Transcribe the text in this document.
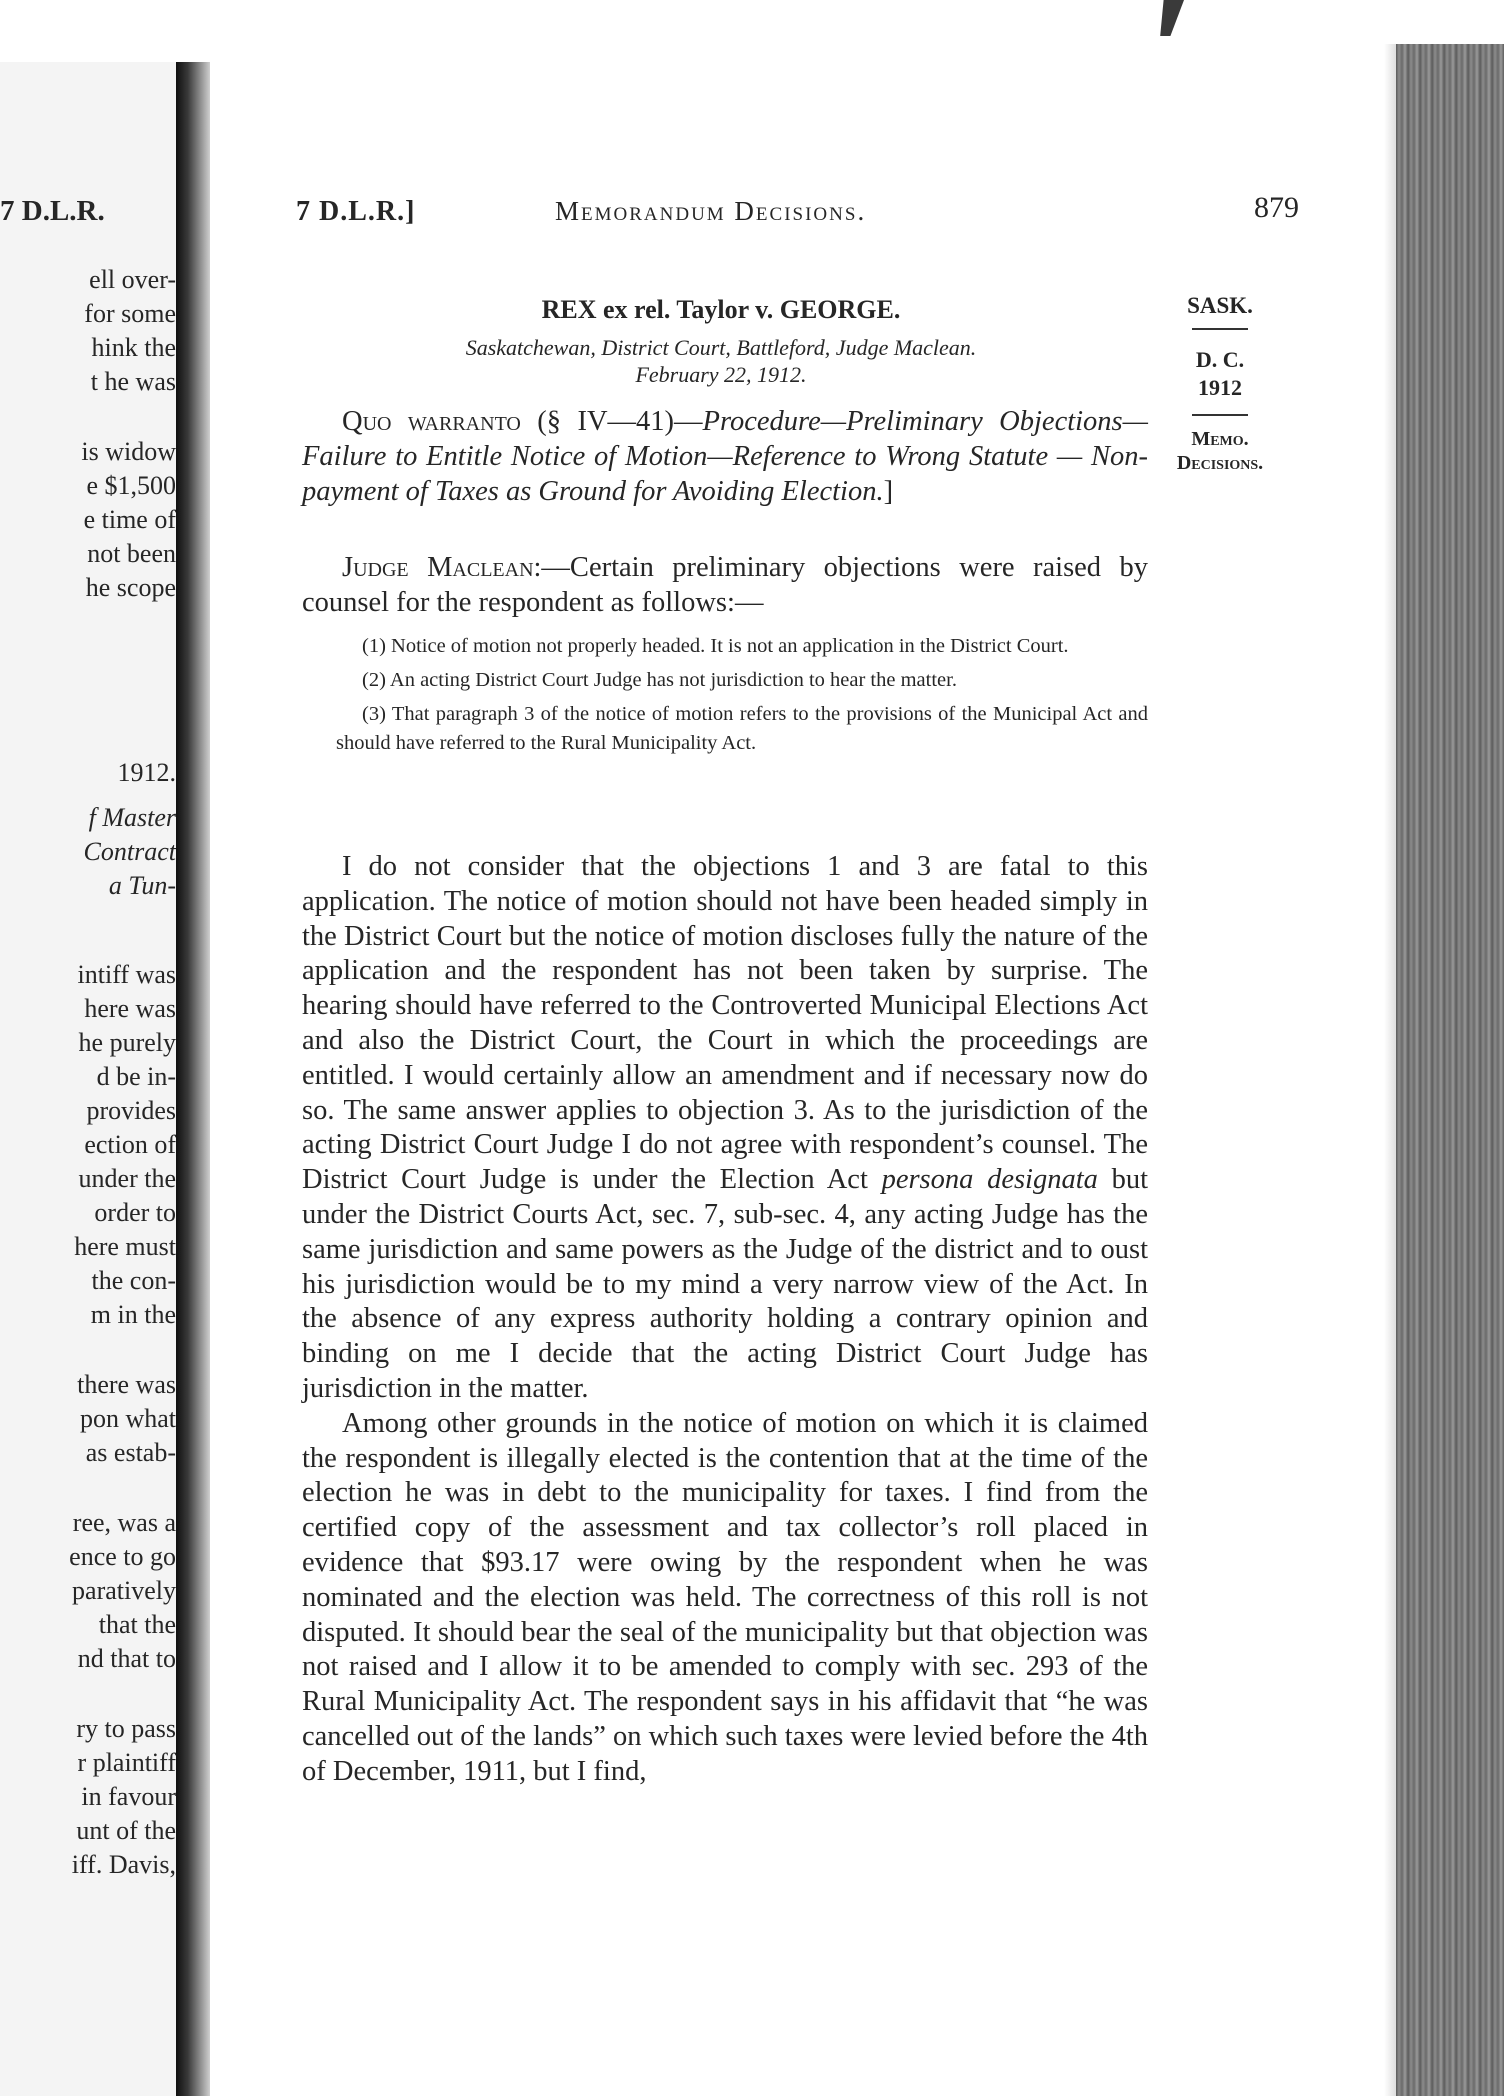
7 D.L.R.
ell over-
for some
hink the
t he was
is widow
e $1,500
e time of
not been
he scope
1912.
f Master
Contract
a Tun-
intiff was
here was
he purely
d be in-
provides
ection of
under the
order to
here must
the con-
m in the
there was
pon what
as estab-
ree, was a
ence to go
paratively
that the
nd that to
ry to pass
r plaintiff
in favour
unt of the
iff. Davis,
7 D.L.R.]	Memorandum Decisions.	879
REX ex rel. Taylor v. GEORGE.
Saskatchewan, District Court, Battleford, Judge Maclean.
February 22, 1912.
SASK.
D. C.
1912
Memo.
Decisions.

Quo warranto (§ IV—41)—Procedure—Preliminary Objections—Failure to Entitle Notice of Motion—Reference to Wrong Statute — Non-payment of Taxes as Ground for Avoiding Election.]

Judge Maclean:—Certain preliminary objections were raised by counsel for the respondent as follows:—

(1) Notice of motion not properly headed. It is not an application in the District Court.

(2) An acting District Court Judge has not jurisdiction to hear the matter.

(3) That paragraph 3 of the notice of motion refers to the provisions of the Municipal Act and should have referred to the Rural Municipality Act.

I do not consider that the objections 1 and 3 are fatal to this application. The notice of motion should not have been headed simply in the District Court but the notice of motion discloses fully the nature of the application and the respondent has not been taken by surprise. The hearing should have referred to the Controverted Municipal Elections Act and also the District Court, the Court in which the proceedings are entitled. I would certainly allow an amendment and if necessary now do so. The same answer applies to objection 3. As to the jurisdiction of the acting District Court Judge I do not agree with respondent’s counsel. The District Court Judge is under the Election Act persona designata but under the District Courts Act, sec. 7, sub-sec. 4, any acting Judge has the same jurisdiction and same powers as the Judge of the district and to oust his jurisdiction would be to my mind a very narrow view of the Act. In the absence of any express authority holding a contrary opinion and binding on me I decide that the acting District Court Judge has jurisdiction in the matter.

Among other grounds in the notice of motion on which it is claimed the respondent is illegally elected is the contention that at the time of the election he was in debt to the municipality for taxes. I find from the certified copy of the assessment and tax collector’s roll placed in evidence that $93.17 were owing by the respondent when he was nominated and the election was held. The correctness of this roll is not disputed. It should bear the seal of the municipality but that objection was not raised and I allow it to be amended to comply with sec. 293 of the Rural Municipality Act. The respondent says in his affidavit that “he was cancelled out of the lands” on which such taxes were levied before the 4th of December, 1911, but I find,
